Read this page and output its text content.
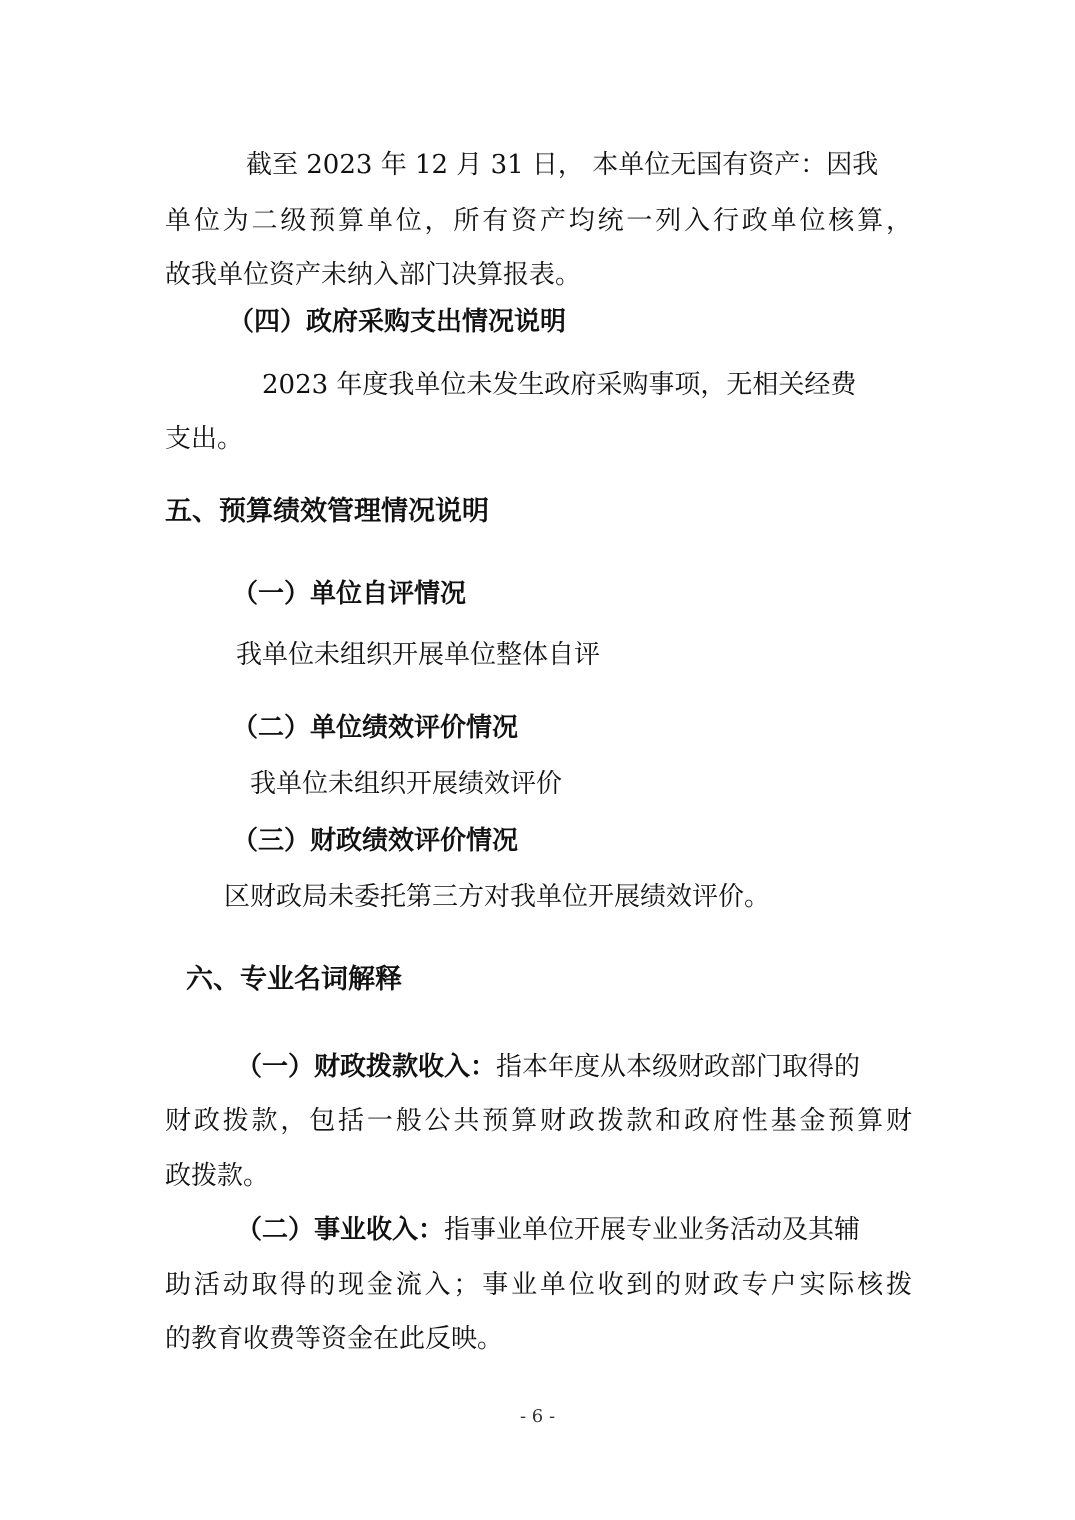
截至 2023 年 12 月 31 日， 本单位无国有资产：因我
单位为二级预算单位，所有资产均统一列入行政单位核算，
故我单位资产未纳入部门决算报表。
（四）政府采购支出情况说明
2023 年度我单位未发生政府采购事项，无相关经费
支出。
五、预算绩效管理情况说明
（一）单位自评情况
我单位未组织开展单位整体自评
（二）单位绩效评价情况
我单位未组织开展绩效评价
（三）财政绩效评价情况
区财政局未委托第三方对我单位开展绩效评价。
六、专业名词解释
（一）财政拨款收入：指本年度从本级财政部门取得的
财政拨款，包括一般公共预算财政拨款和政府性基金预算财
政拨款。
（二）事业收入：指事业单位开展专业业务活动及其辅
助活动取得的现金流入；事业单位收到的财政专户实际核拨
的教育收费等资金在此反映。
- 6 -
